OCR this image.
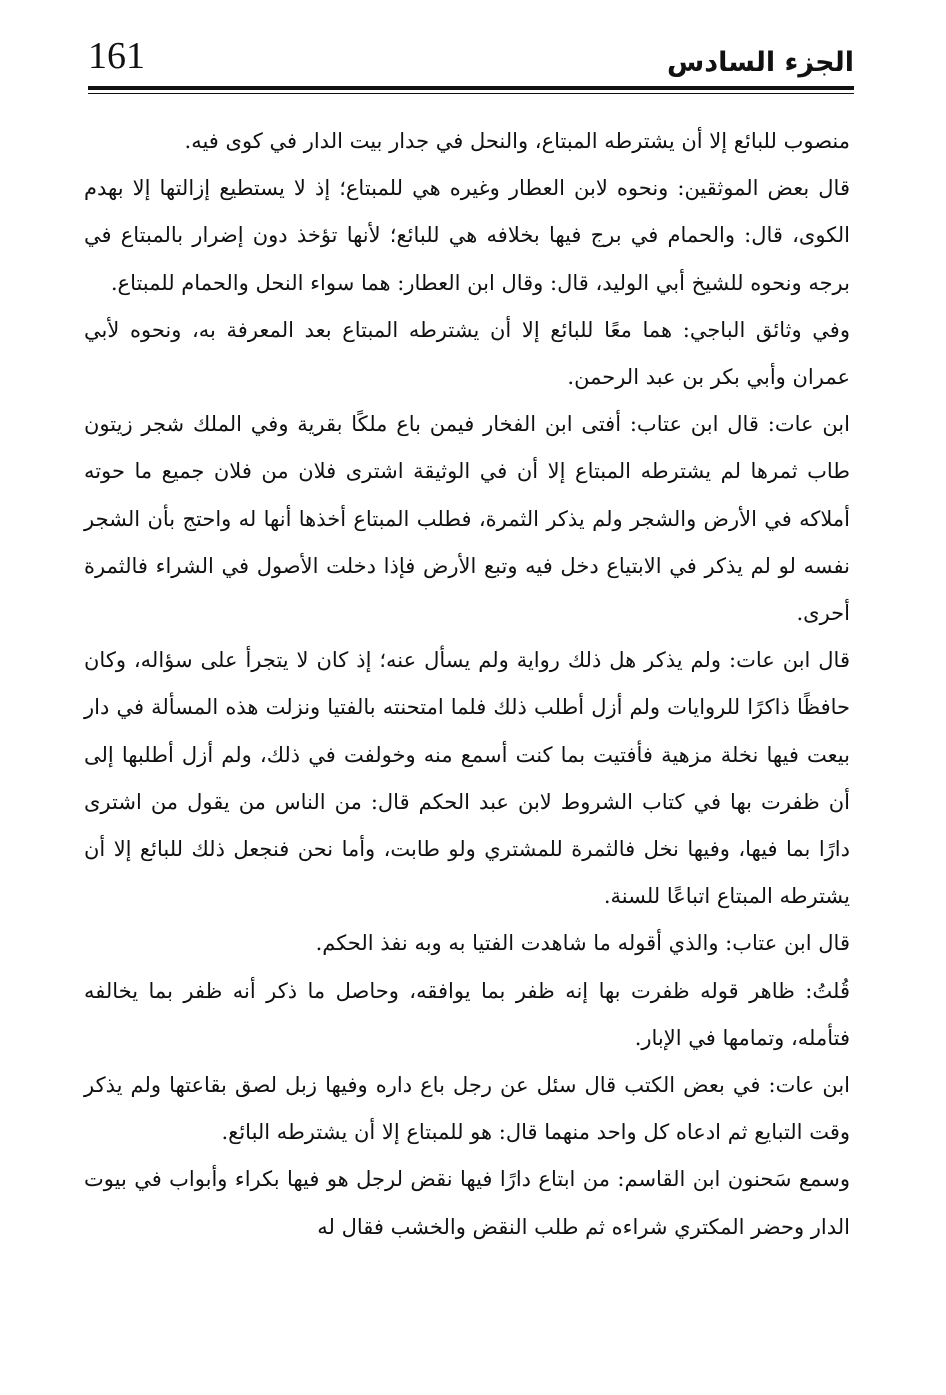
161	الجزء السادس

منصوب للبائع إلا أن يشترطه المبتاع، والنحل في جدار بيت الدار في كوى فيه.

قال بعض الموثقين: ونحوه لابن العطار وغيره هي للمبتاع؛ إذ لا يستطيع إزالتها إلا بهدم الكوى، قال: والحمام في برج فيها بخلافه هي للبائع؛ لأنها تؤخذ دون إضرار بالمبتاع في برجه ونحوه للشيخ أبي الوليد، قال: وقال ابن العطار: هما سواء النحل والحمام للمبتاع.

وفي وثائق الباجي: هما معًا للبائع إلا أن يشترطه المبتاع بعد المعرفة به، ونحوه لأبي عمران وأبي بكر بن عبد الرحمن.

ابن عات: قال ابن عتاب: أفتى ابن الفخار فيمن باع ملكًا بقرية وفي الملك شجر زيتون طاب ثمرها لم يشترطه المبتاع إلا أن في الوثيقة اشترى فلان من فلان جميع ما حوته أملاكه في الأرض والشجر ولم يذكر الثمرة، فطلب المبتاع أخذها أنها له واحتج بأن الشجر نفسه لو لم يذكر في الابتياع دخل فيه وتبع الأرض فإذا دخلت الأصول في الشراء فالثمرة أحرى.

قال ابن عات: ولم يذكر هل ذلك رواية ولم يسأل عنه؛ إذ كان لا يتجرأ على سؤاله، وكان حافظًا ذاكرًا للروايات ولم أزل أطلب ذلك فلما امتحنته بالفتيا ونزلت هذه المسألة في دار بيعت فيها نخلة مزهية فأفتيت بما كنت أسمع منه وخولفت في ذلك، ولم أزل أطلبها إلى أن ظفرت بها في كتاب الشروط لابن عبد الحكم قال: من الناس من يقول من اشترى دارًا بما فيها، وفيها نخل فالثمرة للمشتري ولو طابت، وأما نحن فنجعل ذلك للبائع إلا أن يشترطه المبتاع اتباعًا للسنة.

قال ابن عتاب: والذي أقوله ما شاهدت الفتيا به وبه نفذ الحكم.

قُلتُ: ظاهر قوله ظفرت بها إنه ظفر بما يوافقه، وحاصل ما ذكر أنه ظفر بما يخالفه فتأمله، وتمامها في الإبار.

ابن عات: في بعض الكتب قال سئل عن رجل باع داره وفيها زبل لصق بقاعتها ولم يذكر وقت التبايع ثم ادعاه كل واحد منهما قال: هو للمبتاع إلا أن يشترطه البائع.

وسمع سَحنون ابن القاسم: من ابتاع دارًا فيها نقض لرجل هو فيها بكراء وأبواب في بيوت الدار وحضر المكتري شراءه ثم طلب النقض والخشب فقال له
